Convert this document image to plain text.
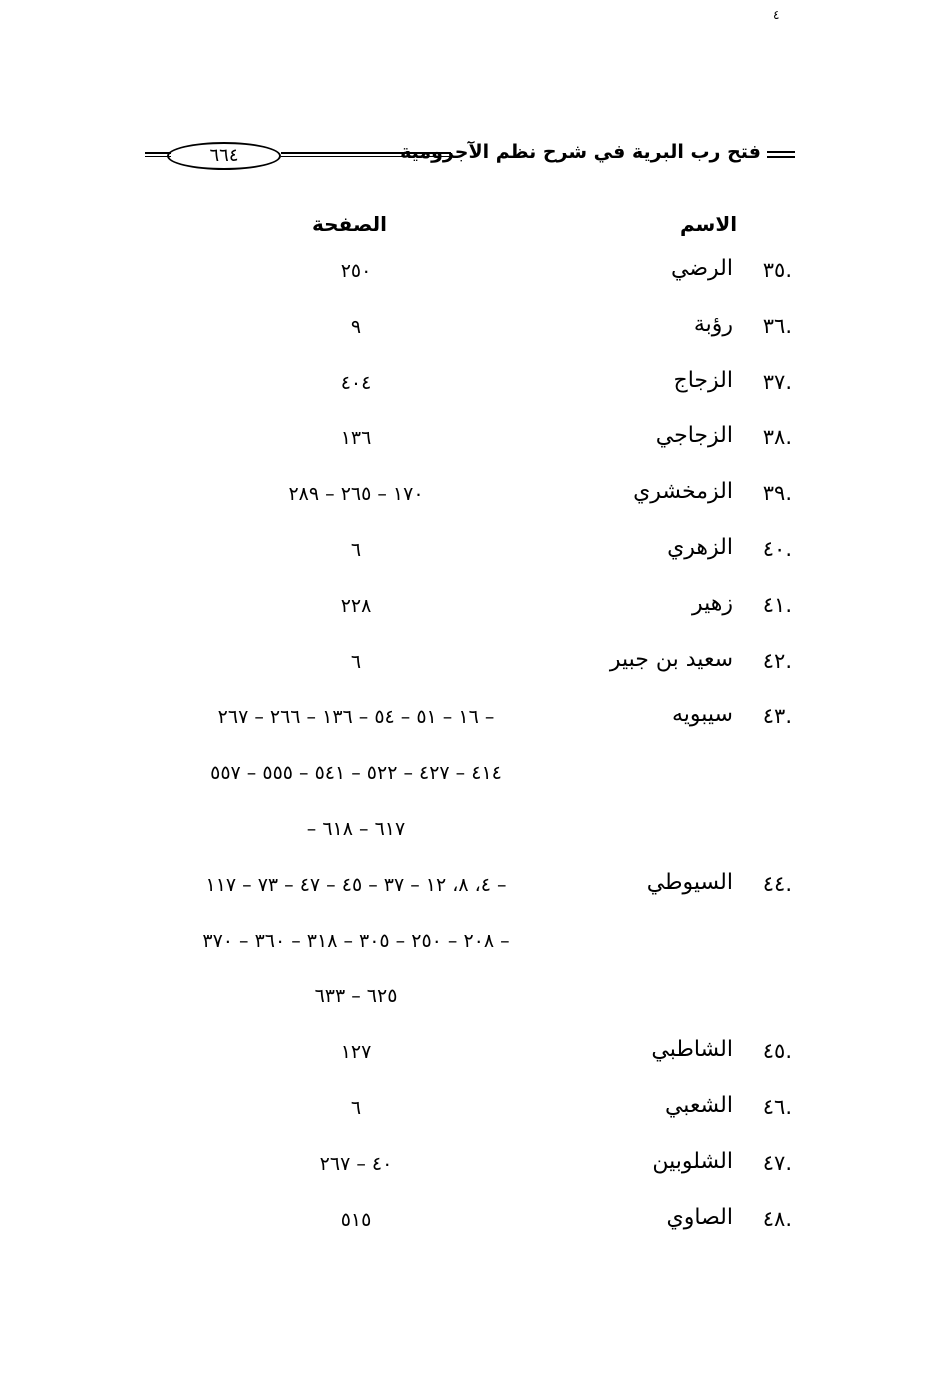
٤
فتح رب البرية في شرح نظم الآجرومية
٦٦٤
الاسم
الصفحة
٣٥.
الرضي
٢٥٠
٣٦.
رؤبة
٩
٣٧.
الزجاج
٤٠٤
٣٨.
الزجاجي
١٣٦
٣٩.
الزمخشري
١٧٠ – ٢٦٥ – ٢٨٩
٤٠.
الزهري
٦
٤١.
زهير
٢٢٨
٤٢.
سعيد بن جبير
٦
٤٣.
سيبويه
١٦ – ٥١ – ٥٤ – ١٣٦ – ٢٦٦ – ٢٦٧ –
٤١٤ – ٤٢٧ – ٥٢٢ – ٥٤١ – ٥٥٥ – ٥٥٧
– ٦١٧ – ٦١٨
٤٤.
السيوطي
٤، ٨، ١٢ – ٣٧ – ٤٥ – ٤٧ – ٧٣ – ١١٧ –
٢٠٨ – ٢٥٠ – ٣٠٥ – ٣١٨ – ٣٦٠ – ٣٧٠ –
٦٢٥ – ٦٣٣
٤٥.
الشاطبي
١٢٧
٤٦.
الشعبي
٦
٤٧.
الشلوبين
٤٠ – ٢٦٧
٤٨.
الصاوي
٥١٥
